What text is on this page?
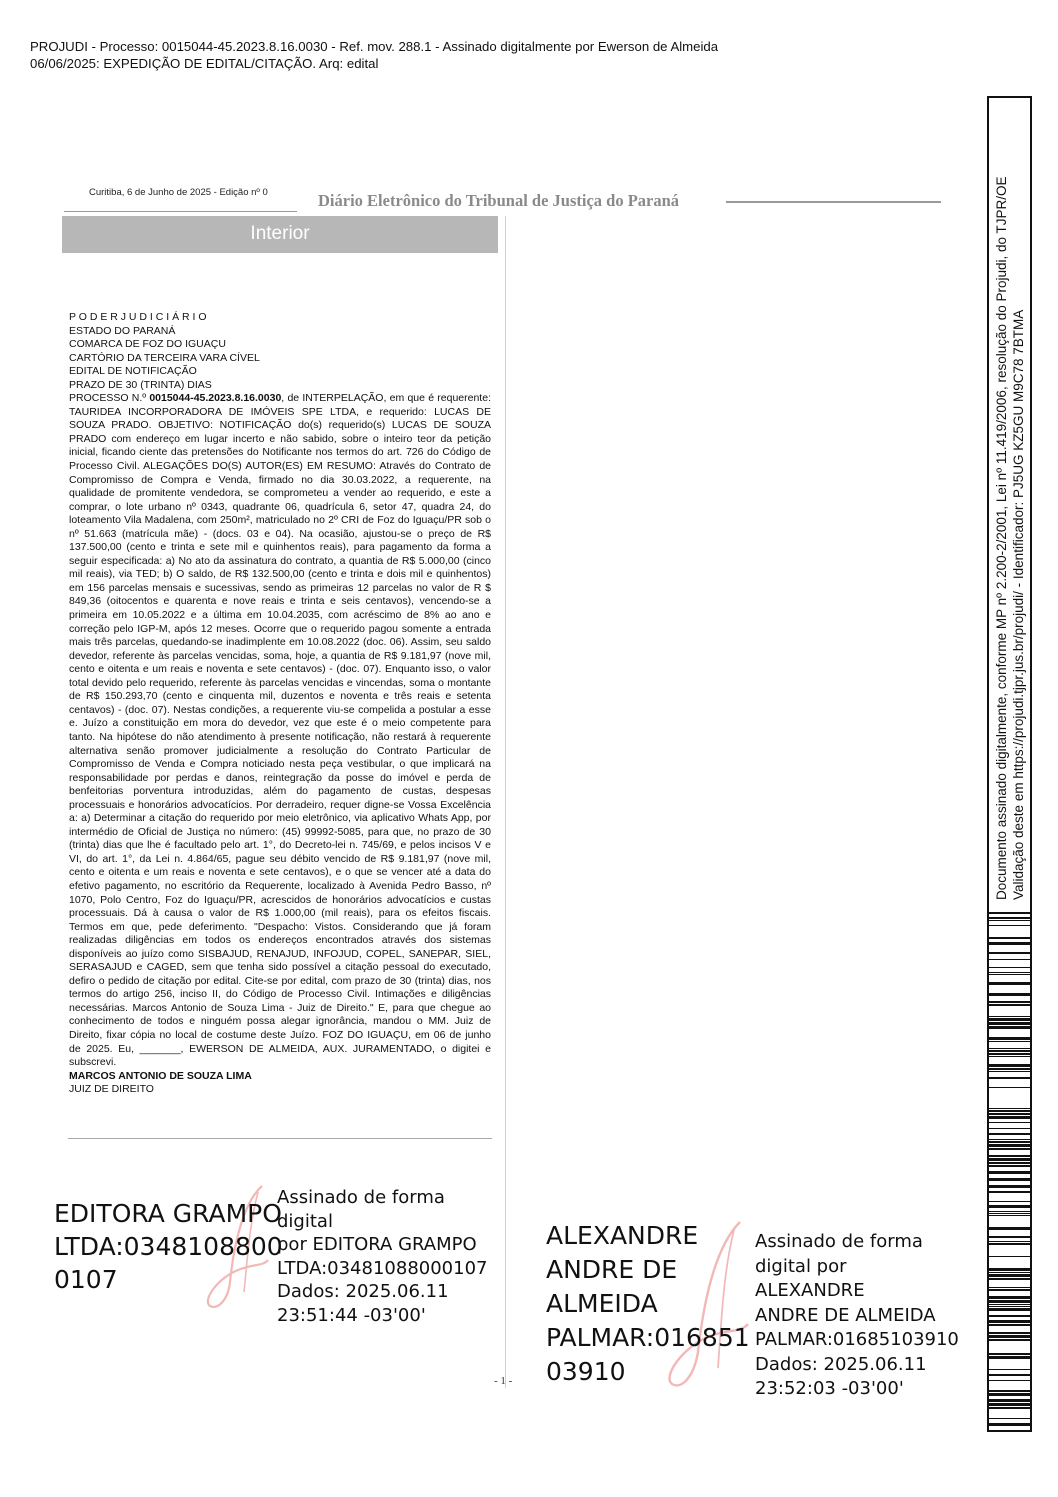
PROJUDI - Processo: 0015044-45.2023.8.16.0030 - Ref. mov. 288.1 - Assinado digitalmente por Ewerson de Almeida
06/06/2025: EXPEDIÇÃO DE EDITAL/CITAÇÃO. Arq: edital
Curitiba, 6 de Junho de 2025 - Edição nº 0	Diário Eletrônico do Tribunal de Justiça do Paraná
Interior
P O D E R J U D I C I Á R I O
ESTADO DO PARANÁ
COMARCA DE FOZ DO IGUAÇU
CARTÓRIO DA TERCEIRA VARA CÍVEL
EDITAL DE NOTIFICAÇÃO
PRAZO DE 30 (TRINTA) DIAS
PROCESSO N.º 0015044-45.2023.8.16.0030, de INTERPELAÇÃO, em que é requerente: TAURIDEA INCORPORADORA DE IMÓVEIS SPE LTDA, e requerido: LUCAS DE SOUZA PRADO. OBJETIVO: NOTIFICAÇÃO do(s) requerido(s) LUCAS DE SOUZA PRADO com endereço em lugar incerto e não sabido, sobre o inteiro teor da petição inicial, ficando ciente das pretensões do Notificante nos termos do art. 726 do Código de Processo Civil. ALEGAÇÕES DO(S) AUTOR(ES) EM RESUMO: Através do Contrato de Compromisso de Compra e Venda, firmado no dia 30.03.2022, a requerente, na qualidade de promitente vendedora, se comprometeu a vender ao requerido, e este a comprar, o lote urbano nº 0343, quadrante 06, quadrícula 6, setor 47, quadra 24, do loteamento Vila Madalena, com 250m², matriculado no 2º CRI de Foz do Iguaçu/PR sob o nº 51.663 (matrícula mãe) - (docs. 03 e 04). Na ocasião, ajustou-se o preço de R$ 137.500,00 (cento e trinta e sete mil e quinhentos reais), para pagamento da forma a seguir especificada: a) No ato da assinatura do contrato, a quantia de R$ 5.000,00 (cinco mil reais), via TED; b) O saldo, de R$ 132.500,00 (cento e trinta e dois mil e quinhentos) em 156 parcelas mensais e sucessivas, sendo as primeiras 12 parcelas no valor de R $ 849,36 (oitocentos e quarenta e nove reais e trinta e seis centavos), vencendo-se a primeira em 10.05.2022 e a última em 10.04.2035, com acréscimo de 8% ao ano e correção pelo IGP-M, após 12 meses. Ocorre que o requerido pagou somente a entrada mais três parcelas, quedando-se inadimplente em 10.08.2022 (doc. 06). Assim, seu saldo devedor, referente às parcelas vencidas, soma, hoje, a quantia de R$ 9.181,97 (nove mil, cento e oitenta e um reais e noventa e sete centavos) - (doc. 07). Enquanto isso, o valor total devido pelo requerido, referente às parcelas vencidas e vincendas, soma o montante de R$ 150.293,70 (cento e cinquenta mil, duzentos e noventa e três reais e setenta centavos) - (doc. 07). Nestas condições, a requerente viu-se compelida a postular a esse e. Juízo a constituição em mora do devedor, vez que este é o meio competente para tanto. Na hipótese do não atendimento à presente notificação, não restará à requerente alternativa senão promover judicialmente a resolução do Contrato Particular de Compromisso de Venda e Compra noticiado nesta peça vestibular, o que implicará na responsabilidade por perdas e danos, reintegração da posse do imóvel e perda de benfeitorias porventura introduzidas, além do pagamento de custas, despesas processuais e honorários advocatícios. Por derradeiro, requer digne-se Vossa Excelência a: a) Determinar a citação do requerido por meio eletrônico, via aplicativo Whats App, por intermédio de Oficial de Justiça no número: (45) 99992-5085, para que, no prazo de 30 (trinta) dias que lhe é facultado pelo art. 1°, do Decreto-lei n. 745/69, e pelos incisos V e VI, do art. 1°, da Lei n. 4.864/65, pague seu débito vencido de R$ 9.181,97 (nove mil, cento e oitenta e um reais e noventa e sete centavos), e o que se vencer até a data do efetivo pagamento, no escritório da Requerente, localizado à Avenida Pedro Basso, nº 1070, Polo Centro, Foz do Iguaçu/PR, acrescidos de honorários advocatícios e custas processuais. Dá à causa o valor de R$ 1.000,00 (mil reais), para os efeitos fiscais. Termos em que, pede deferimento. "Despacho: Vistos. Considerando que já foram realizadas diligências em todos os endereços encontrados através dos sistemas disponíveis ao juízo como SISBAJUD, RENAJUD, INFOJUD, COPEL, SANEPAR, SIEL, SERASAJUD e CAGED, sem que tenha sido possível a citação pessoal do executado, defiro o pedido de citação por edital. Cite-se por edital, com prazo de 30 (trinta) dias, nos termos do artigo 256, inciso II, do Código de Processo Civil. Intimações e diligências necessárias. Marcos Antonio de Souza Lima - Juiz de Direito." E, para que chegue ao conhecimento de todos e ninguém possa alegar ignorância, mandou o MM. Juiz de Direito, fixar cópia no local de costume deste Juízo. FOZ DO IGUAÇU, em 06 de junho de 2025. Eu, _______, EWERSON DE ALMEIDA, AUX. JURAMENTADO, o digitei e subscrevi.
MARCOS ANTONIO DE SOUZA LIMA
JUIZ DE DIREITO
EDITORA GRAMPO
LTDA:0348108800
0107
Assinado de forma digital
por EDITORA GRAMPO
LTDA:03481088000107
Dados: 2025.06.11
23:51:44 -03'00'
- 1 -
ALEXANDRE
ANDRE DE
ALMEIDA
PALMAR:016851
03910
Assinado de forma
digital por ALEXANDRE
ANDRE DE ALMEIDA
PALMAR:01685103910
Dados: 2025.06.11
23:52:03 -03'00'
Documento assinado digitalmente, conforme MP nº 2.200-2/2001, Lei nº 11.419/2006, resolução do Projudi, do TJPR/OE Validação deste em https://projudi.tjpr.jus.br/projudi/ - Identificador: PJ5UG KZ5GU M9C78 7BTMA
